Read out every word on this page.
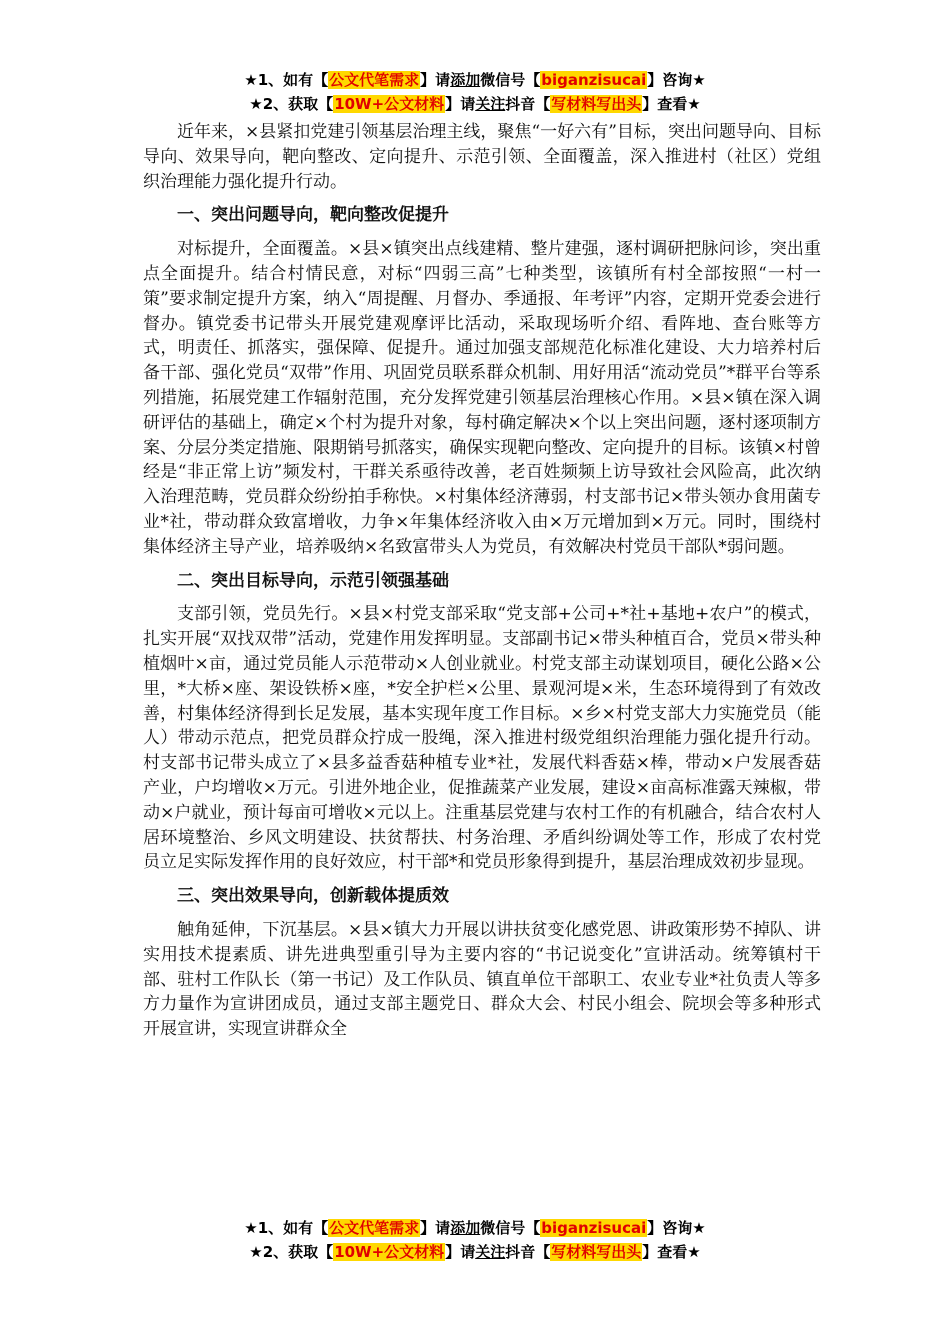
★1、如有【公文代笔需求】请添加微信号【biganzisucai】咨询★
★2、获取【10W+公文材料】请关注抖音【写材料写出头】查看★

近年来，×县紧扣党建引领基层治理主线，聚焦“一好六有”目标，突出问题导向、目标导向、效果导向，靶向整改、定向提升、示范引领、全面覆盖，深入推进村（社区）党组织治理能力强化提升行动。

一、突出问题导向，靶向整改促提升

对标提升，全面覆盖。×县×镇突出点线建精、整片建强，逐村调研把脉问诊，突出重点全面提升。结合村情民意，对标“四弱三高”七种类型，该镇所有村全部按照“一村一策”要求制定提升方案，纳入“周提醒、月督办、季通报、年考评”内容，定期开党委会进行督办。镇党委书记带头开展党建观摩评比活动，采取现场听介绍、看阵地、查台账等方式，明责任、抓落实，强保障、促提升。通过加强支部规范化标准化建设、大力培养村后备干部、强化党员“双带”作用、巩固党员联系群众机制、用好用活“流动党员”*群平台等系列措施，拓展党建工作辐射范围，充分发挥党建引领基层治理核心作用。×县×镇在深入调研评估的基础上，确定×个村为提升对象，每村确定解决×个以上突出问题，逐村逐项制方案、分层分类定措施、限期销号抓落实，确保实现靶向整改、定向提升的目标。该镇×村曾经是“非正常上访”频发村，干群关系亟待改善，老百姓频频上访导致社会风险高，此次纳入治理范畴，党员群众纷纷拍手称快。×村集体经济薄弱，村支部书记×带头领办食用菌专业*社，带动群众致富增收，力争×年集体经济收入由×万元增加到×万元。同时，围绕村集体经济主导产业，培养吸纳×名致富带头人为党员，有效解决村党员干部队*弱问题。

二、突出目标导向，示范引领强基础

支部引领，党员先行。×县×村党支部采取“党支部+公司+*社+基地+农户”的模式，扎实开展“双找双带”活动，党建作用发挥明显。支部副书记×带头种植百合，党员×带头种植烟叶×亩，通过党员能人示范带动×人创业就业。村党支部主动谋划项目，硬化公路×公里，*大桥×座、架设铁桥×座，*安全护栏×公里、景观河堤×米，生态环境得到了有效改善，村集体经济得到长足发展，基本实现年度工作目标。×乡×村党支部大力实施党员（能人）带动示范点，把党员群众拧成一股绳，深入推进村级党组织治理能力强化提升行动。村支部书记带头成立了×县多益香菇种植专业*社，发展代料香菇×棒，带动×户发展香菇产业，户均增收×万元。引进外地企业，促推蔬菜产业发展，建设×亩高标准露天辣椒，带动×户就业，预计每亩可增收×元以上。注重基层党建与农村工作的有机融合，结合农村人居环境整治、乡风文明建设、扶贫帮扶、村务治理、矛盾纠纷调处等工作，形成了农村党员立足实际发挥作用的良好效应，村干部*和党员形象得到提升，基层治理成效初步显现。

三、突出效果导向，创新载体提质效

触角延伸，下沉基层。×县×镇大力开展以讲扶贫变化感党恩、讲政策形势不掉队、讲实用技术提素质、讲先进典型重引导为主要内容的“书记说变化”宣讲活动。统筹镇村干部、驻村工作队长（第一书记）及工作队员、镇直单位干部职工、农业专业*社负责人等多方力量作为宣讲团成员，通过支部主题党日、群众大会、村民小组会、院坝会等多种形式开展宣讲，实现宣讲群众全

★1、如有【公文代笔需求】请添加微信号【biganzisucai】咨询★
★2、获取【10W+公文材料】请关注抖音【写材料写出头】查看★
